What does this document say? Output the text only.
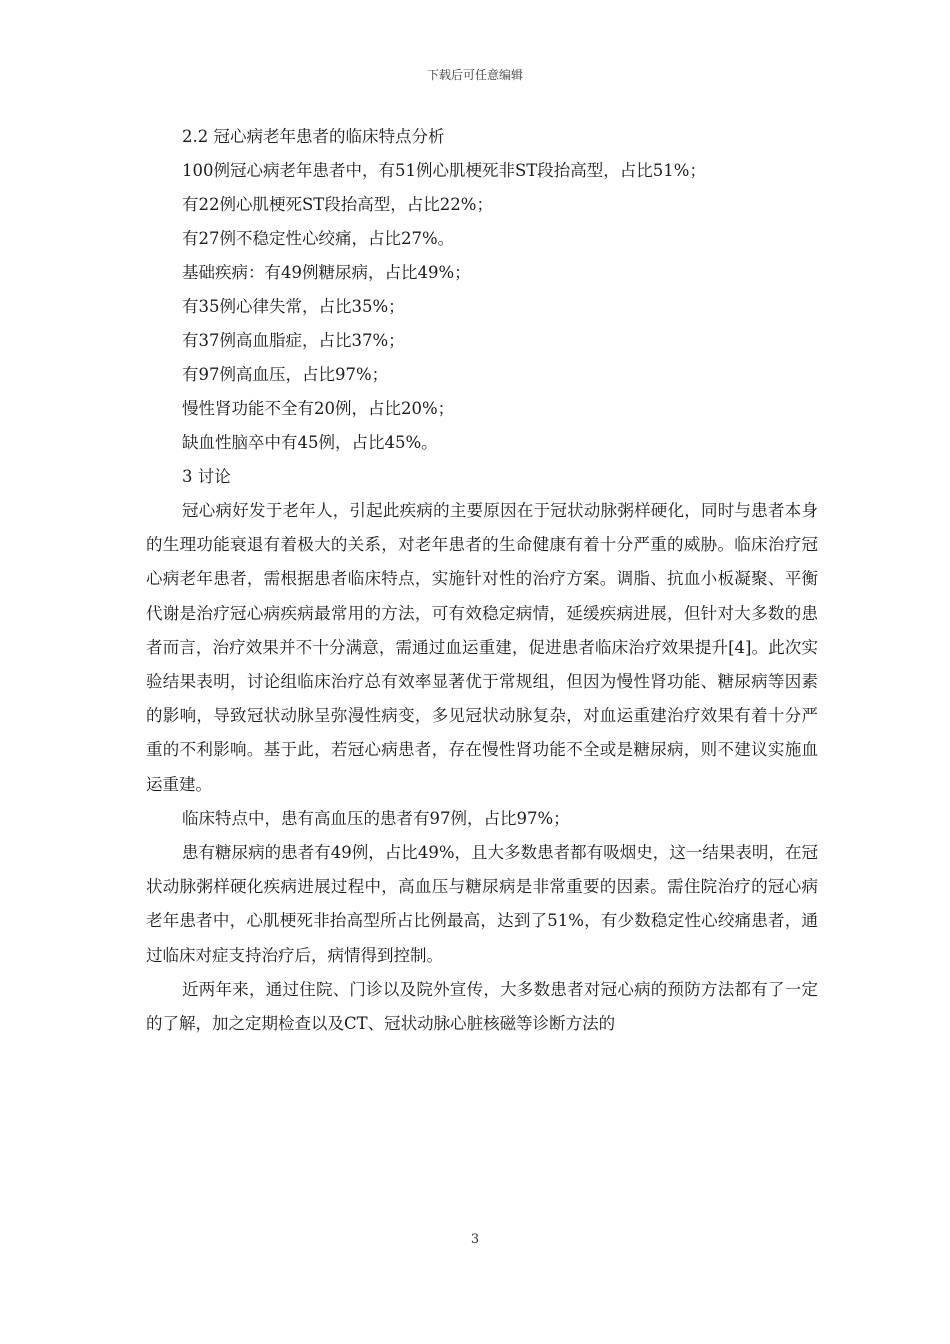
下载后可任意编辑
2.2 冠心病老年患者的临床特点分析
100例冠心病老年患者中，有51例心肌梗死非ST段抬高型，占比51%；
有22例心肌梗死ST段抬高型，占比22%；
有27例不稳定性心绞痛，占比27%。
基础疾病：有49例糖尿病，占比49%；
有35例心律失常，占比35%；
有37例高血脂症，占比37%；
有97例高血压，占比97%；
慢性肾功能不全有20例，占比20%；
缺血性脑卒中有45例，占比45%。
3 讨论

冠心病好发于老年人，引起此疾病的主要原因在于冠状动脉粥样硬化，同时与患者本身的生理功能衰退有着极大的关系，对老年患者的生命健康有着十分严重的威胁。临床治疗冠心病老年患者，需根据患者临床特点，实施针对性的治疗方案。调脂、抗血小板凝聚、平衡代谢是治疗冠心病疾病最常用的方法，可有效稳定病情，延缓疾病进展，但针对大多数的患者而言，治疗效果并不十分满意，需通过血运重建，促进患者临床治疗效果提升[4]。此次实验结果表明，讨论组临床治疗总有效率显著优于常规组，但因为慢性肾功能、糖尿病等因素的影响，导致冠状动脉呈弥漫性病变，多见冠状动脉复杂，对血运重建治疗效果有着十分严重的不利影响。基于此，若冠心病患者，存在慢性肾功能不全或是糖尿病，则不建议实施血运重建。

临床特点中，患有高血压的患者有97例，占比97%；

患有糖尿病的患者有49例，占比49%，且大多数患者都有吸烟史，这一结果表明，在冠状动脉粥样硬化疾病进展过程中，高血压与糖尿病是非常重要的因素。需住院治疗的冠心病老年患者中，心肌梗死非抬高型所占比例最高，达到了51%，有少数稳定性心绞痛患者，通过临床对症支持治疗后，病情得到控制。

近两年来，通过住院、门诊以及院外宣传，大多数患者对冠心病的预防方法都有了一定的了解，加之定期检查以及CT、冠状动脉心脏核磁等诊断方法的

3
